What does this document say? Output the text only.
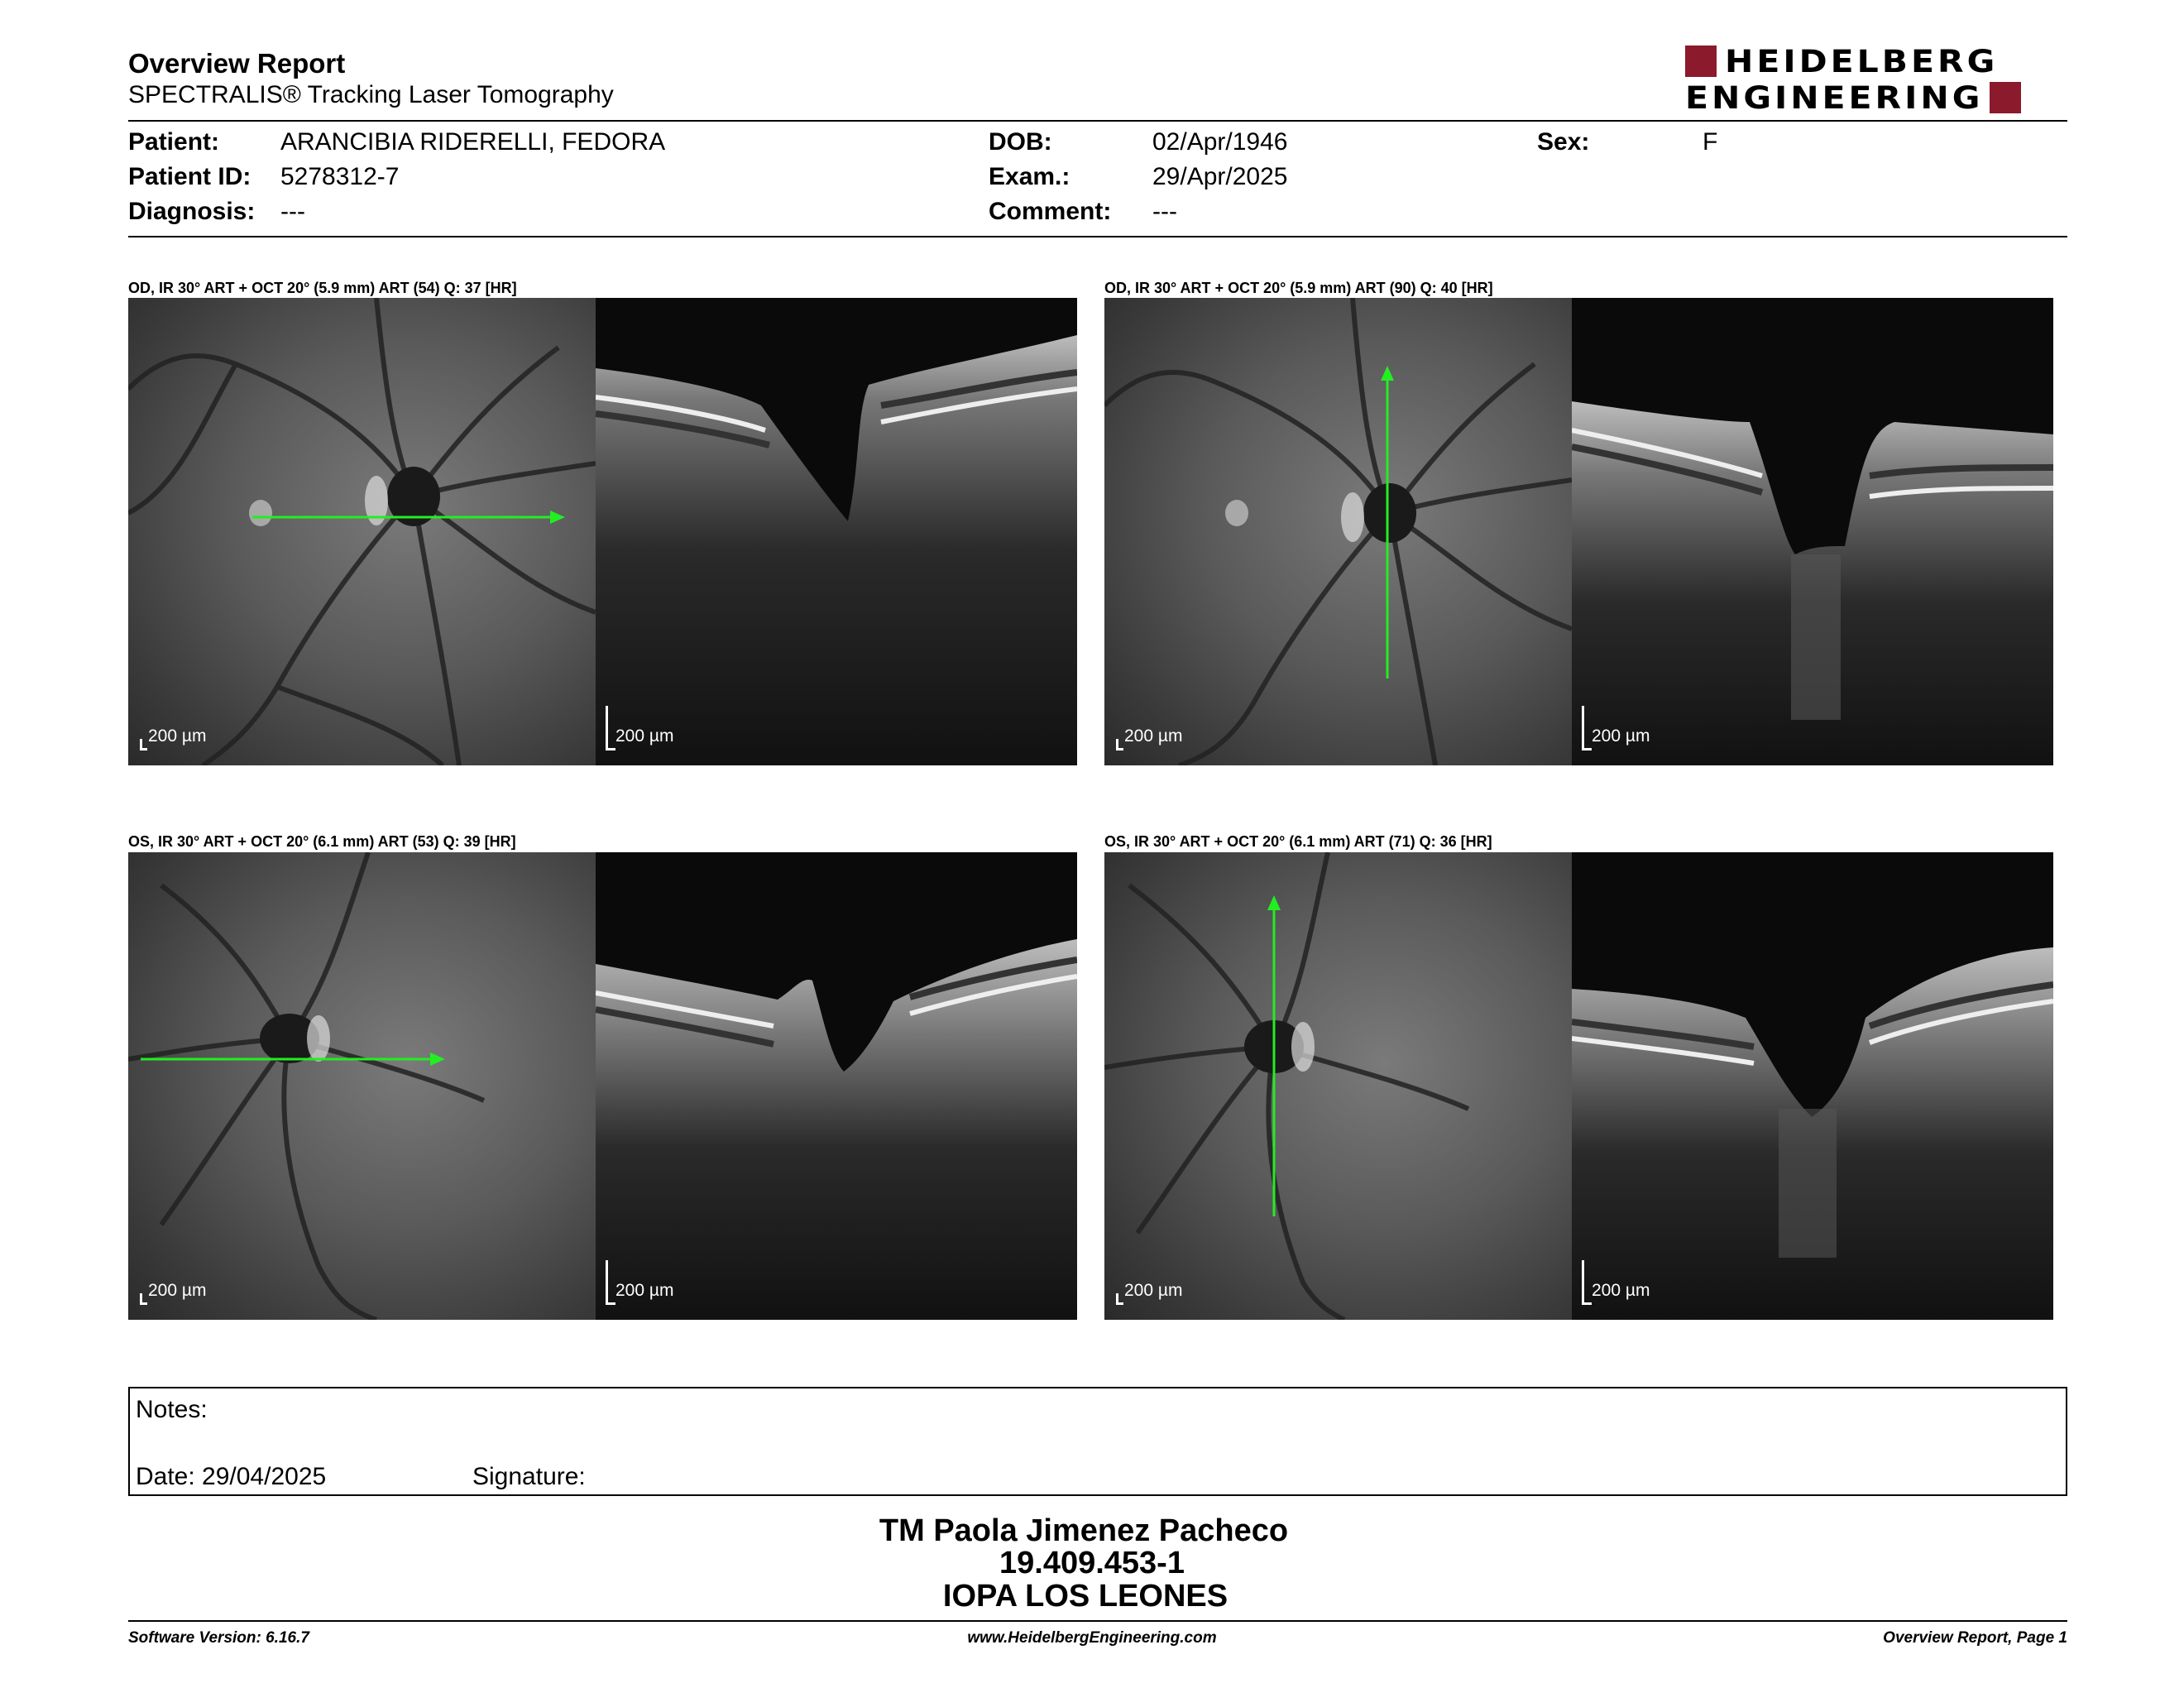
Overview Report
SPECTRALIS® Tracking Laser Tomography
HEIDELBERG
ENGINEERING
Patient: ARANCIBIA RIDERELLI, FEDORA
Patient ID: 5278312-7
Diagnosis: ---
DOB:	02/Apr/1946
Exam.:	29/Apr/2025
Comment: ---
Sex:	F
OD, IR 30° ART + OCT 20° (5.9 mm) ART (54) Q: 37 [HR]
200 µm	200 µm
OD, IR 30° ART + OCT 20° (5.9 mm) ART (90) Q: 40 [HR]
200 µm	200 µm
OS, IR 30° ART + OCT 20° (6.1 mm) ART (53) Q: 39 [HR]
200 µm	200 µm
OS, IR 30° ART + OCT 20° (6.1 mm) ART (71) Q: 36 [HR]
200 µm	200 µm
Notes:
Date: 29/04/2025	Signature:
TM Paola Jimenez Pacheco
19.409.453-1
IOPA LOS LEONES
Software Version: 6.16.7	www.HeidelbergEngineering.com	Overview Report, Page 1
